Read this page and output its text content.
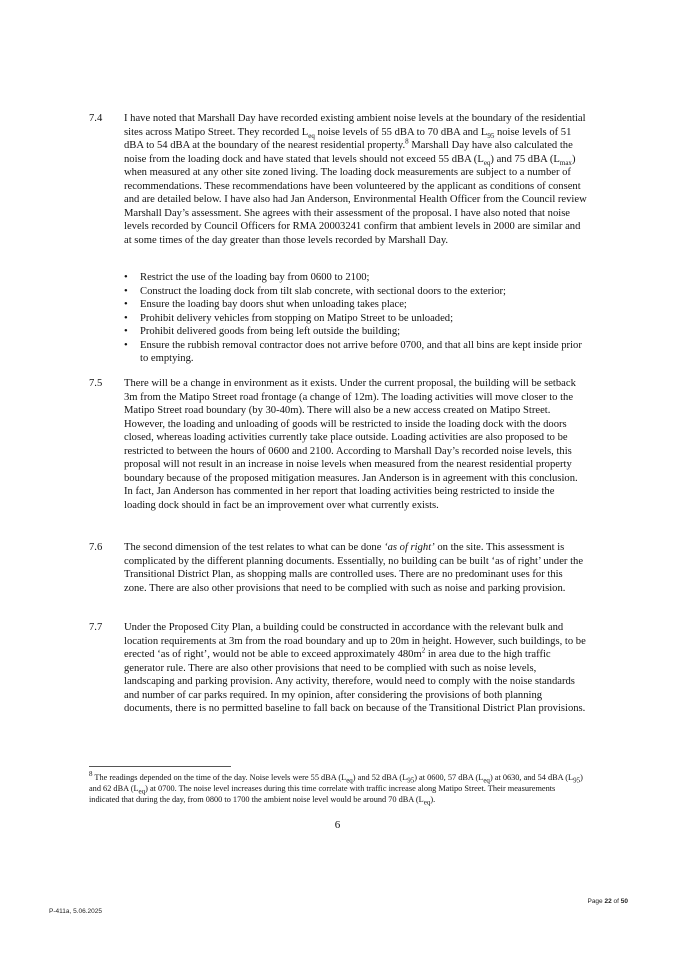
7.4	I have noted that Marshall Day have recorded existing ambient noise levels at the boundary of the residential sites across Matipo Street. They recorded $L_{eq}$ noise levels of 55 dBA to 70 dBA and $L_{95}$ noise levels of 51 dBA to 54 dBA at the boundary of the nearest residential property.$^8$ Marshall Day have also calculated the noise from the loading dock and have stated that levels should not exceed 55 dBA $(L_{eq})$ and 75 dBA $(L_{max})$ when measured at any other site zoned living. The loading dock measurements are subject to a number of recommendations. These recommendations have been volunteered by the applicant as conditions of consent and are detailed below. I have also had Jan Anderson, Environmental Health Officer from the Council review Marshall Day’s assessment. She agrees with their assessment of the proposal. I have also noted that noise levels recorded by Council Officers for RMA 20003241 confirm that ambient levels in 2000 are similar and at some times of the day greater than those levels recorded by Marshall Day.
• Restrict the use of the loading bay from 0600 to 2100;
• Construct the loading dock from tilt slab concrete, with sectional doors to the exterior;
• Ensure the loading bay doors shut when unloading takes place;
• Prohibit delivery vehicles from stopping on Matipo Street to be unloaded;
• Prohibit delivered goods from being left outside the building;
• Ensure the rubbish removal contractor does not arrive before 0700, and that all bins are kept inside prior to emptying.
7.5	There will be a change in environment as it exists. Under the current proposal, the building will be setback 3m from the Matipo Street road frontage (a change of 12m). The loading activities will move closer to the Matipo Street road boundary (by 30-40m). There will also be a new access created on Matipo Street. However, the loading and unloading of goods will be restricted to inside the loading dock with the doors closed, whereas loading activities currently take place outside. Loading activities are also proposed to be restricted to between the hours of 0600 and 2100. According to Marshall Day’s recorded noise levels, this proposal will not result in an increase in noise levels when measured from the nearest residential property boundary because of the proposed mitigation measures. Jan Anderson is in agreement with this conclusion. In fact, Jan Anderson has commented in her report that loading activities being restricted to inside the loading dock should in fact be an improvement over what currently exists.
7.6	The second dimension of the test relates to what can be done ‘as of right’ on the site. This assessment is complicated by the different planning documents. Essentially, no building can be built ‘as of right’ under the Transitional District Plan, as shopping malls are controlled uses. There are no predominant uses for this zone. There are also other provisions that need to be complied with such as noise and parking provision.
7.7	Under the Proposed City Plan, a building could be constructed in accordance with the relevant bulk and location requirements at 3m from the road boundary and up to 20m in height. However, such buildings, to be erected ‘as of right’, would not be able to exceed approximately $480m^2$ in area due to the high traffic generator rule. There are also other provisions that need to be complied with such as noise levels, landscaping and parking provision. Any activity, therefore, would need to comply with the noise standards and number of car parks required. In my opinion, after considering the provisions of both planning documents, there is no permitted baseline to fall back on because of the Transitional District Plan provisions.
$^8$ The readings depended on the time of the day. Noise levels were 55 dBA $(L_{eq})$ and 52 dBA $(L_{95})$ at 0600, 57 dBA $(L_{eq})$ at 0630, and 54 dBA $(L_{95})$ and 62 dBA $(L_{eq})$ at 0700. The noise level increases during this time correlate with traffic increase along Matipo Street. Their measurements indicated that during the day, from 0800 to 1700 the ambient noise level would be around 70 dBA $(L_{eq})$.
6
Page 22 of 50
P-411a, 5.06.2025
